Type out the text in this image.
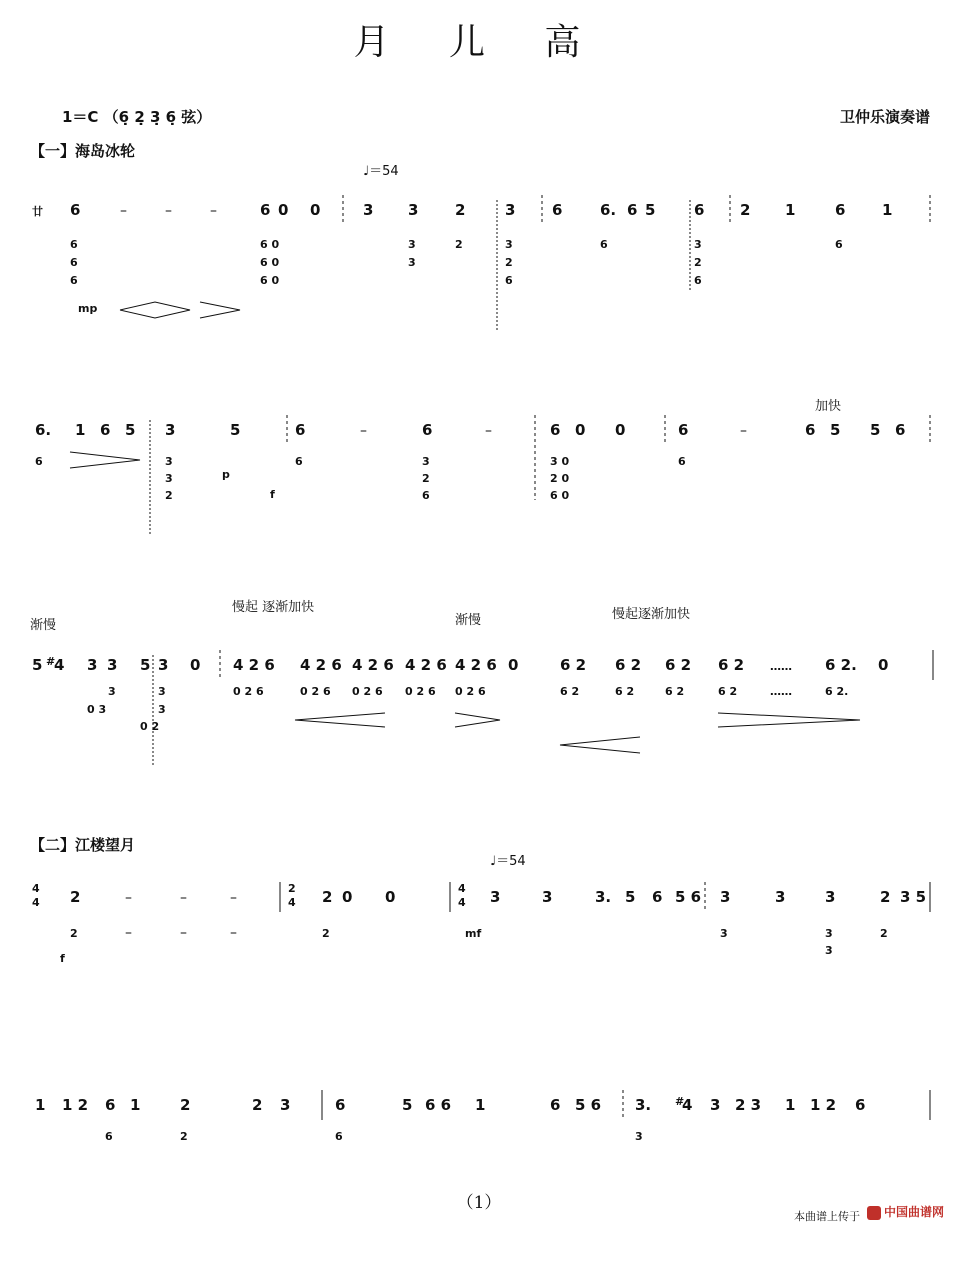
月 儿 高
1＝C （6̣ 2̣ 3̣ 6̣ 弦）	卫仲乐演奏谱
【一】海岛冰轮
♩＝54
廿 6	–	–	–	6 0 0	3 3 2	3 6	6. 6 5	6 2 1	6 1
6
6
6
6 0
6 0
6 0
3
3
2	3
2
6
6	3
2
6
6
mp
6. 1 6 5 3	5	6	–	6	–	6 0 0	6	–	6 5 5 6
6	3
3
2
6	3
2
6
3 0
2 0
6 0
6
p
f
加快
渐慢
慢起 逐渐加快
渐慢	慢起逐渐加快
5 #
4 3 3 5 3 0 4 2 6 4 2 6 4 2 6 4 2 6 4 2 6 0	6 2 6 2 6 2 6 2 …… 6 2. 0
3
0 3
3
3
0 2
0 2 6	0 2 6 0 2 6 0 2 6 0 2 6	6 2	6 2	6 2	6 2	……	6 2.
【二】江楼望月
♩＝54
4
4 2	–	–	–
2
4 2 0 0	4
4 3	3	3. 5 6 5 6 3	3	3	2 3 5
2	–	–	–	2	3	3
3
2
f
mf
1 1 2 6 1	2	2 3	6	5 6 6 1	6 5 6 3. #
4 3 2 3 1 1 2 6
6	2	6	3
（1）
本曲谱上传于	中国曲谱网
